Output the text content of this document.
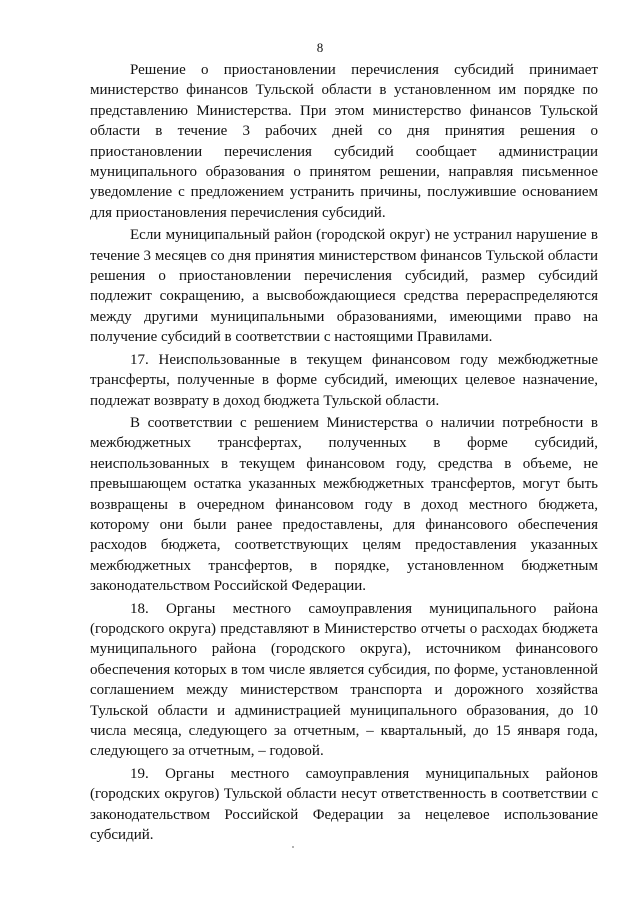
8

Решение о приостановлении перечисления субсидий принимает министерство финансов Тульской области в установленном им порядке по представлению Министерства. При этом министерство финансов Тульской области в течение 3 рабочих дней со дня принятия решения о приостановлении перечисления субсидий сообщает администрации муниципального образования о принятом решении, направляя письменное уведомление с предложением устранить причины, послужившие основанием для приостановления перечисления субсидий.

Если муниципальный район (городской округ) не устранил нарушение в течение 3 месяцев со дня принятия министерством финансов Тульской области решения о приостановлении перечисления субсидий, размер субсидий подлежит сокращению, а высвобождающиеся средства перераспределяются между другими муниципальными образованиями, имеющими право на получение субсидий в соответствии с настоящими Правилами.

17. Неиспользованные в текущем финансовом году межбюджетные трансферты, полученные в форме субсидий, имеющих целевое назначение, подлежат возврату в доход бюджета Тульской области.

В соответствии с решением Министерства о наличии потребности в межбюджетных трансфертах, полученных в форме субсидий, неиспользованных в текущем финансовом году, средства в объеме, не превышающем остатка указанных межбюджетных трансфертов, могут быть возвращены в очередном финансовом году в доход местного бюджета, которому они были ранее предоставлены, для финансового обеспечения расходов бюджета, соответствующих целям предоставления указанных межбюджетных трансфертов, в порядке, установленном бюджетным законодательством Российской Федерации.

18. Органы местного самоуправления муниципального района (городского округа) представляют в Министерство отчеты о расходах бюджета муниципального района (городского округа), источником финансового обеспечения которых в том числе является субсидия, по форме, установленной соглашением между министерством транспорта и дорожного хозяйства Тульской области и администрацией муниципального образования, до 10 числа месяца, следующего за отчетным, – квартальный, до 15 января года, следующего за отчетным, – годовой.

19. Органы местного самоуправления муниципальных районов (городских округов) Тульской области несут ответственность в соответствии с законодательством Российской Федерации за нецелевое использование субсидий.
